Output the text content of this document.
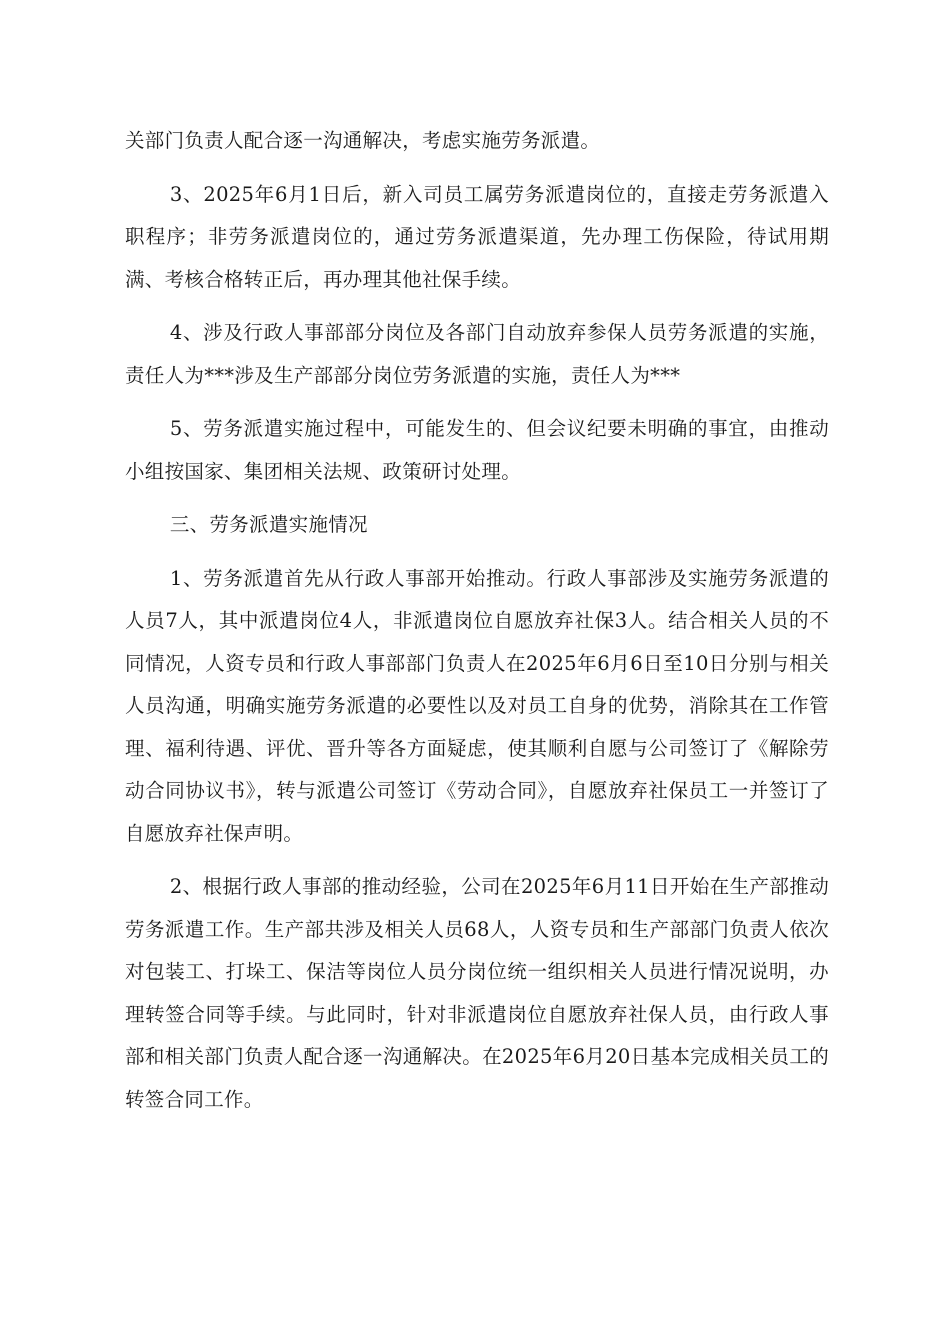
关部门负责人配合逐一沟通解决，考虑实施劳务派遣。

3、2025年6月1日后，新入司员工属劳务派遣岗位的，直接走劳务派遣入职程序；非劳务派遣岗位的，通过劳务派遣渠道，先办理工伤保险，待试用期满、考核合格转正后，再办理其他社保手续。

4、涉及行政人事部部分岗位及各部门自动放弃参保人员劳务派遣的实施，责任人为***涉及生产部部分岗位劳务派遣的实施，责任人为***

5、劳务派遣实施过程中，可能发生的、但会议纪要未明确的事宜，由推动小组按国家、集团相关法规、政策研讨处理。

三、劳务派遣实施情况

1、劳务派遣首先从行政人事部开始推动。行政人事部涉及实施劳务派遣的人员7人，其中派遣岗位4人，非派遣岗位自愿放弃社保3人。结合相关人员的不同情况，人资专员和行政人事部部门负责人在2025年6月6日至10日分别与相关人员沟通，明确实施劳务派遣的必要性以及对员工自身的优势，消除其在工作管理、福利待遇、评优、晋升等各方面疑虑，使其顺利自愿与公司签订了《解除劳动合同协议书》，转与派遣公司签订《劳动合同》，自愿放弃社保员工一并签订了自愿放弃社保声明。

2、根据行政人事部的推动经验，公司在2025年6月11日开始在生产部推动劳务派遣工作。生产部共涉及相关人员68人，人资专员和生产部部门负责人依次对包装工、打垛工、保洁等岗位人员分岗位统一组织相关人员进行情况说明，办理转签合同等手续。与此同时，针对非派遣岗位自愿放弃社保人员，由行政人事部和相关部门负责人配合逐一沟通解决。在2025年6月20日基本完成相关员工的转签合同工作。
